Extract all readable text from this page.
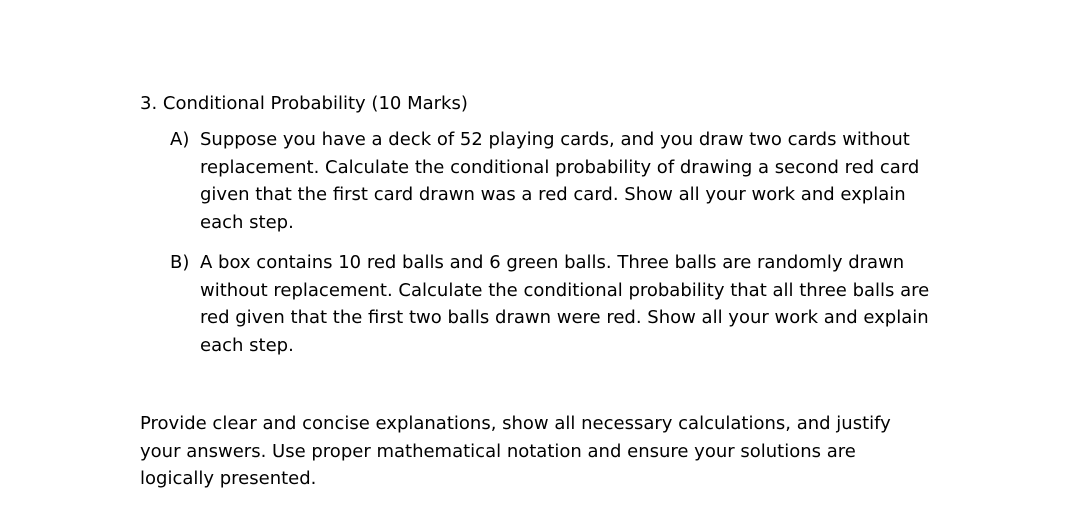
3. Conditional Probability (10 Marks)
A) Suppose you have a deck of 52 playing cards, and you draw two cards without replacement. Calculate the conditional probability of drawing a second red card given that the first card drawn was a red card. Show all your work and explain each step.
B) A box contains 10 red balls and 6 green balls. Three balls are randomly drawn without replacement. Calculate the conditional probability that all three balls are red given that the first two balls drawn were red. Show all your work and explain each step.
Provide clear and concise explanations, show all necessary calculations, and justify your answers. Use proper mathematical notation and ensure your solutions are logically presented.
